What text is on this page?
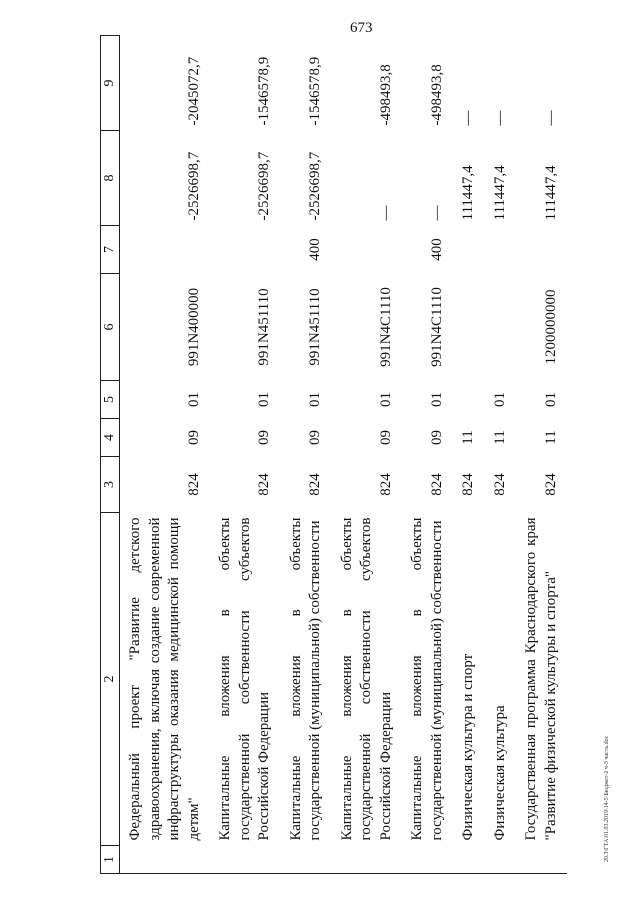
673
20.3\ГТА\01.03.2019\14-5\Бюджет-2 ч-3 часть.doc
1	2	3	4	5	6	7	8	9
	Федеральный проект "Развитие детского здравоохранения, включая создание современной инфраструктуры оказания медицинской помощи детям"	824	09	01	991N400000		-2526698,7	-2045072,7
	Капитальные вложения в объекты государственной собственности субъектов Российской Федерации	824	09	01	991N451110		-2526698,7	-1546578,9
	Капитальные вложения в объекты государственной (муниципальной) собственности	824	09	01	991N451110	400	-2526698,7	-1546578,9
	Капитальные вложения в объекты государственной собственности субъектов Российской Федерации	824	09	01	991N4C1110		—	-498493,8
	Капитальные вложения в объекты государственной (муниципальной) собственности	824	09	01	991N4C1110	400	—	-498493,8
	Физическая культура и спорт	824	11				111447,4	—
	Физическая культура	824	11	01			111447,4	—
	Государственная программа Краснодарского края "Развитие физической культуры и спорта"	824	11	01	1200000000		111447,4	—
